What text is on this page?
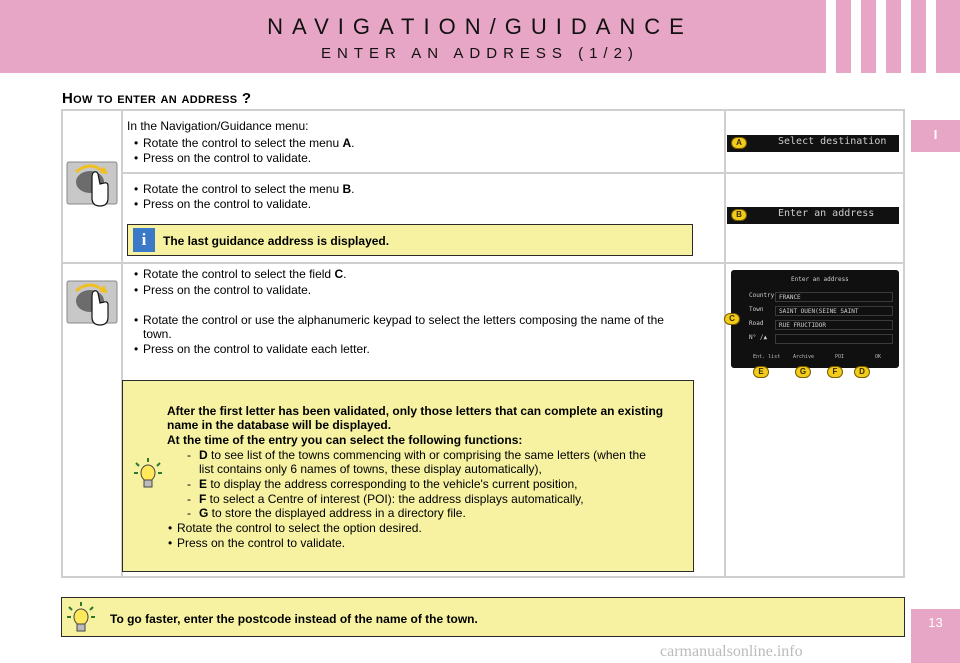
NAVIGATION/GUIDANCE
ENTER AN ADDRESS (1/2)
I
13
How to enter an address ?
In the Navigation/Guidance menu:
• Rotate the control to select the menu A.
• Press on the control to validate.
Select destination
A
• Rotate the control to select the menu B.
• Press on the control to validate.
i	The last guidance address is displayed.
Enter an address
B
• Rotate the control to select the field C.
• Press on the control to validate.
• Rotate the control or use the alphanumeric keypad to select the letters composing the name of the
town.
• Press on the control to validate each letter.
Enter an address
Country FRANCE
Town	SAINT OUEN(SEINE SAINT
Road	RUE FRUCTIDOR
N° /▲
Ent. list	Archive	POI	OK
C
E	G	F	D
After the first letter has been validated, only those letters that can complete an existing
name in the database will be displayed.
At the time of the entry you can select the following functions:
- D to see list of the towns commencing with or comprising the same letters (when the
list contains only 6 names of towns, these display automatically),
- E to display the address corresponding to the vehicle's current position,
- F to select a Centre of interest (POI): the address displays automatically,
- G to store the displayed address in a directory file.
• Rotate the control to select the option desired.
• Press on the control to validate.
To go faster, enter the postcode instead of the name of the town.
carmanualsonline.info
